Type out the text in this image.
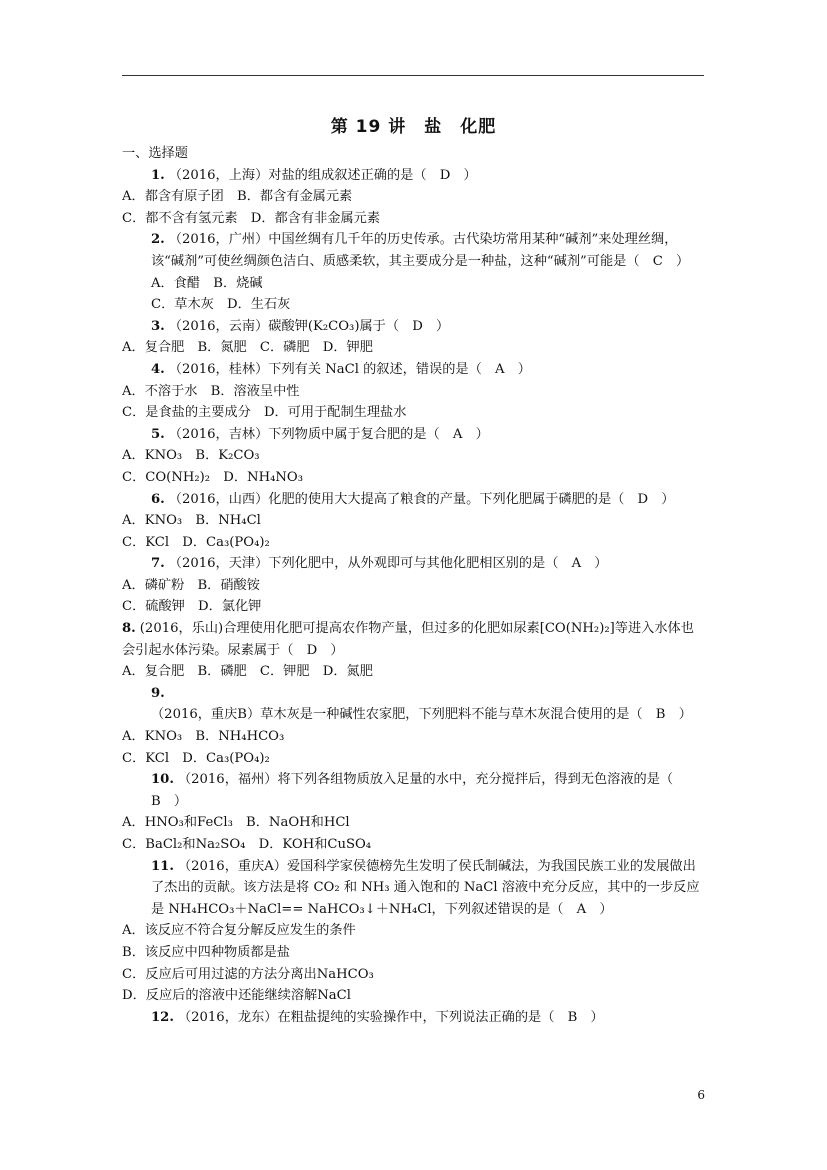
第 19 讲　盐　化肥
一、选择题
1. （2016，上海）对盐的组成叙述正确的是（　D　）
A．都含有原子团　B．都含有金属元素
C．都不含有氢元素　D．都含有非金属元素
2. （2016，广州）中国丝绸有几千年的历史传承。古代染坊常用某种“碱剂”来处理丝绸，该“碱剂”可使丝绸颜色洁白、质感柔软，其主要成分是一种盐，这种“碱剂”可能是（　C　）
A．食醋　B．烧碱
C．草木灰　D．生石灰
3. （2016，云南）碳酸钾(K₂CO₃)属于（　D　）
A．复合肥　B．氮肥　C．磷肥　D．钾肥
4. （2016，桂林）下列有关 NaCl 的叙述，错误的是（　A　）
A．不溶于水　B．溶液呈中性
C．是食盐的主要成分　D．可用于配制生理盐水
5. （2016，吉林）下列物质中属于复合肥的是（　A　）
A．KNO₃　B．K₂CO₃
C．CO(NH₂)₂　D．NH₄NO₃
6. （2016，山西）化肥的使用大大提高了粮食的产量。下列化肥属于磷肥的是（　D　）
A．KNO₃　B．NH₄Cl
C．KCl　D．Ca₃(PO₄)₂
7. （2016，天津）下列化肥中，从外观即可与其他化肥相区别的是（　A　）
A．磷矿粉　B．硝酸铵
C．硫酸钾　D．氯化钾
8. (2016，乐山)合理使用化肥可提高农作物产量，但过多的化肥如尿素[CO(NH₂)₂]等进入水体也会引起水体污染。尿素属于（　D　）
A．复合肥　B．磷肥　C．钾肥　D．氮肥
9.（2016，重庆B）草木灰是一种碱性农家肥，下列肥料不能与草木灰混合使用的是（　B　）
A．KNO₃　B．NH₄HCO₃
C．KCl　D．Ca₃(PO₄)₂
10. （2016，福州）将下列各组物质放入足量的水中，充分搅拌后，得到无色溶液的是（　B　）
A．HNO₃和FeCl₃　B．NaOH和HCl
C．BaCl₂和Na₂SO₄　D．KOH和CuSO₄
11. （2016，重庆A）爱国科学家侯德榜先生发明了侯氏制碱法，为我国民族工业的发展做出了杰出的贡献。该方法是将 CO₂ 和 NH₃ 通入饱和的 NaCl 溶液中充分反应，其中的一步反应是 NH₄HCO₃＋NaCl== NaHCO₃↓＋NH₄Cl，下列叙述错误的是（　A　）
A．该反应不符合复分解反应发生的条件
B．该反应中四种物质都是盐
C．反应后可用过滤的方法分离出NaHCO₃
D．反应后的溶液中还能继续溶解NaCl
12. （2016，龙东）在粗盐提纯的实验操作中，下列说法正确的是（　B　）
6
